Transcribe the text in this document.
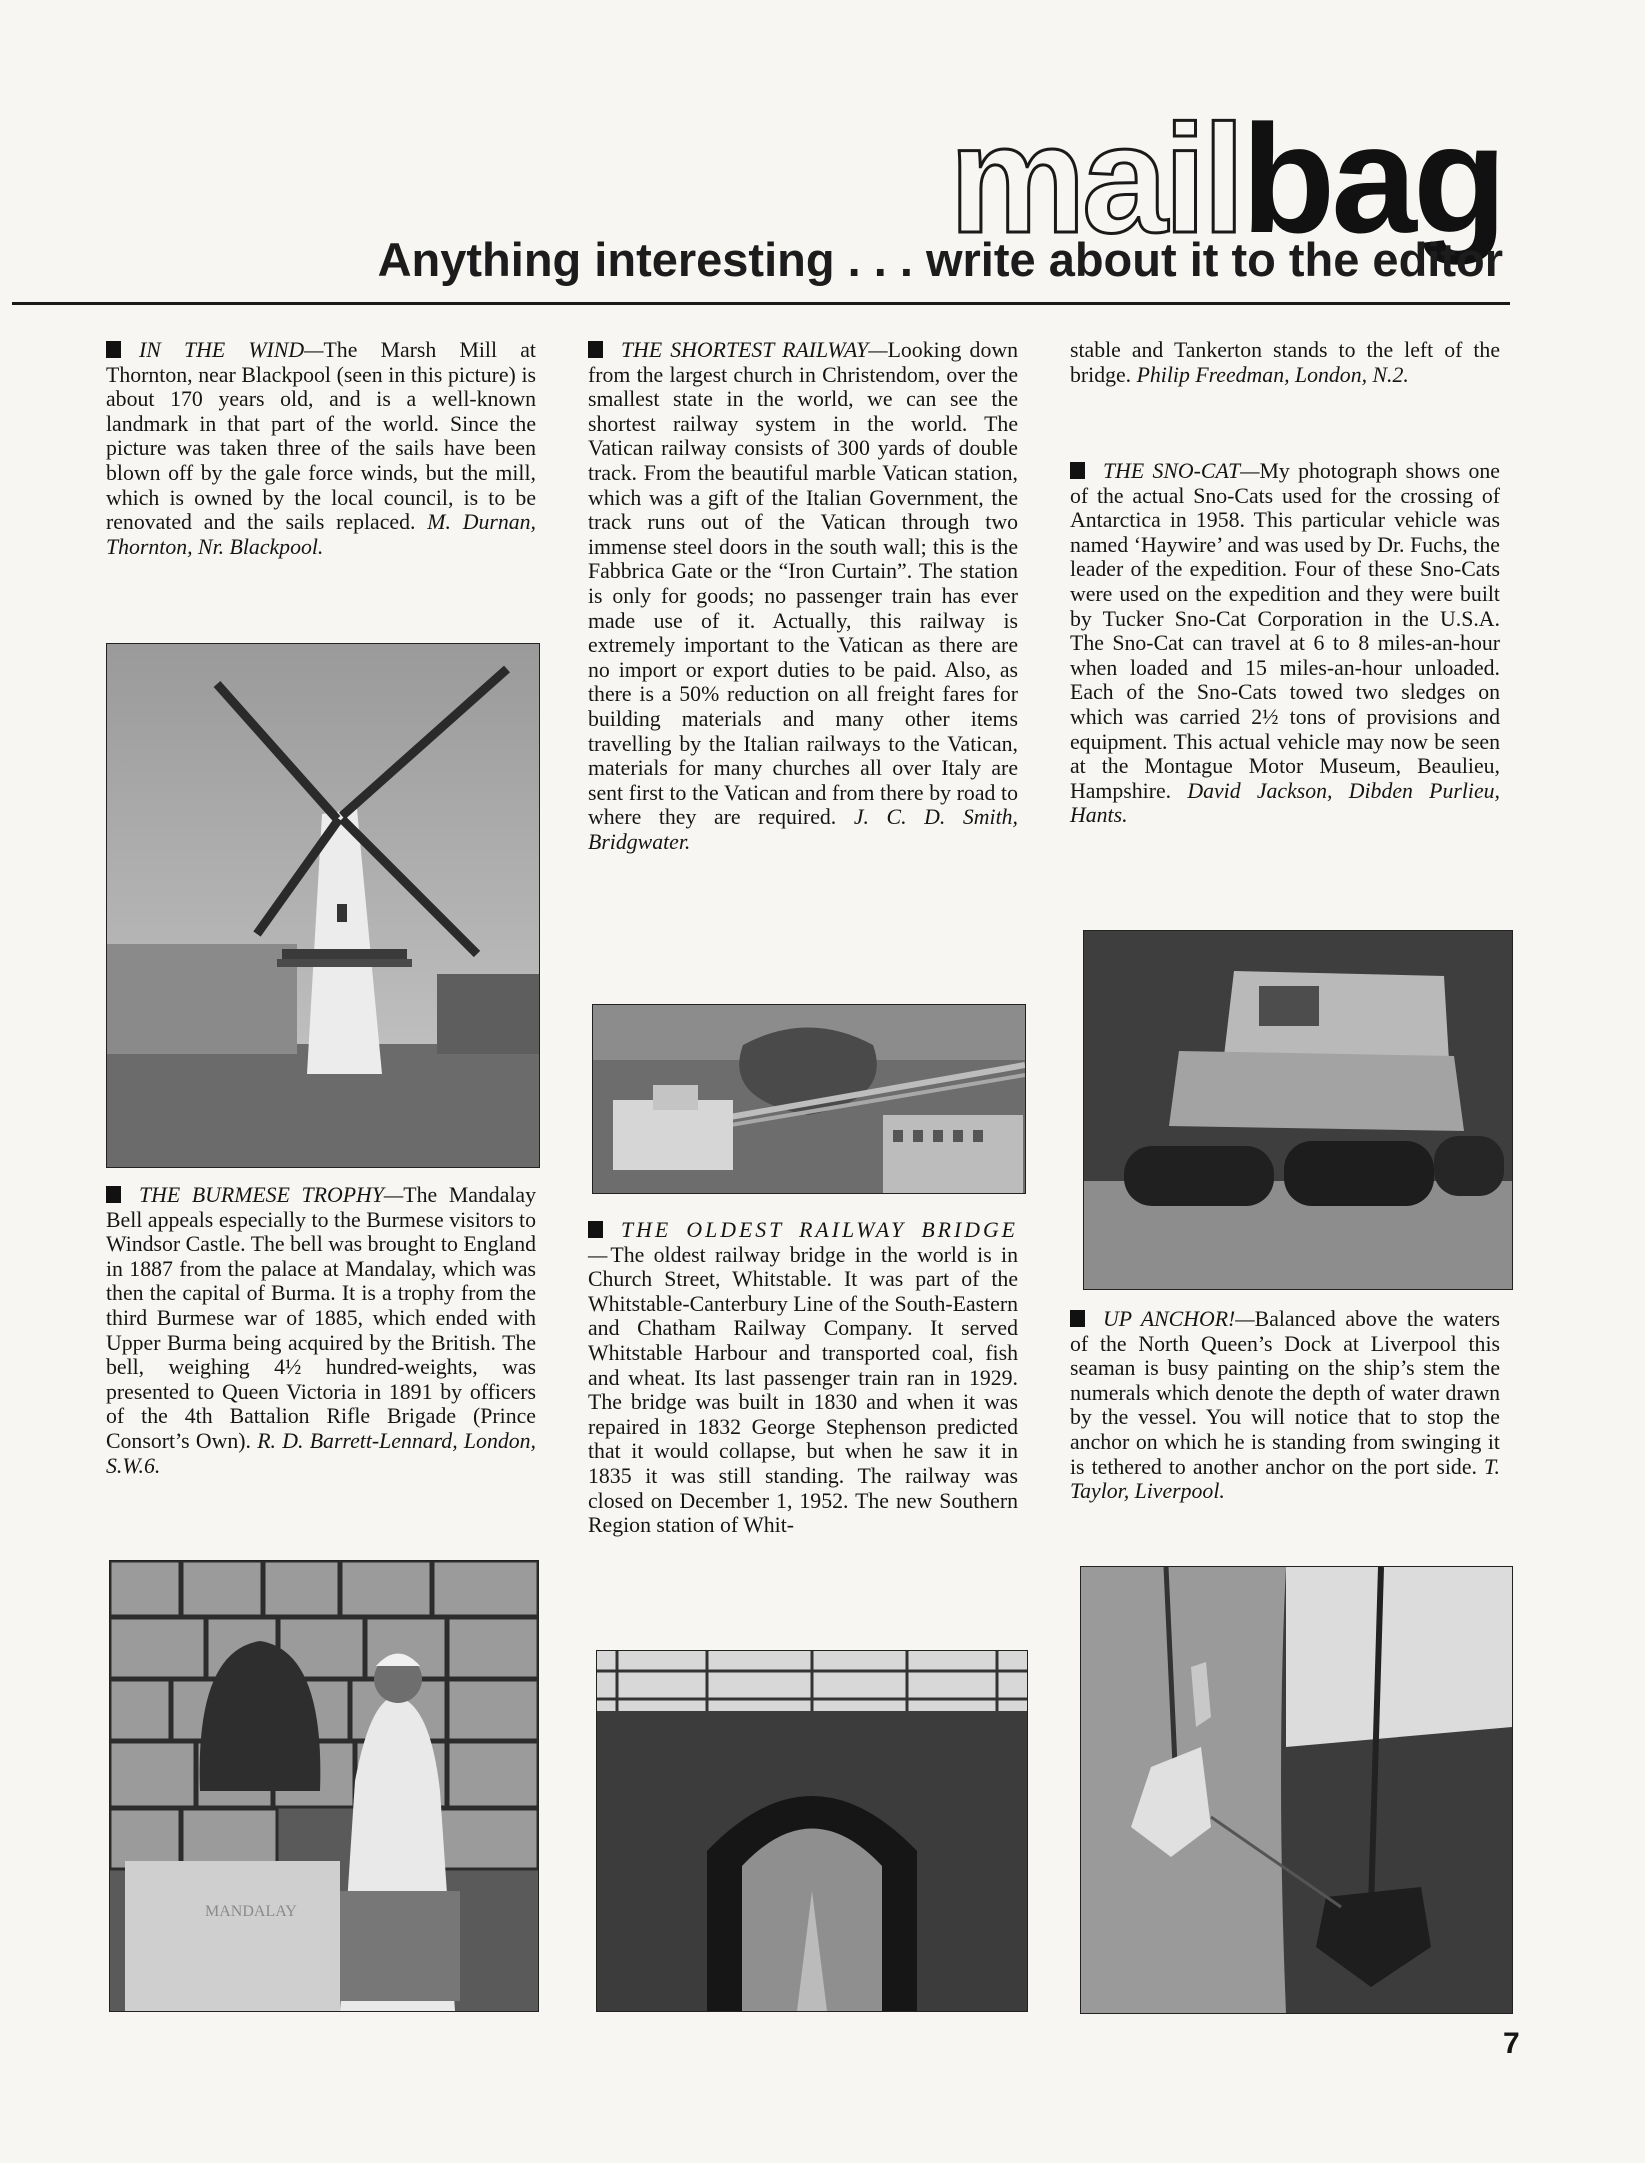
mailbag
Anything interesting . . . write about it to the editor

IN THE WIND—The Marsh Mill at Thornton, near Blackpool (seen in this picture) is about 170 years old, and is a well-known landmark in that part of the world. Since the picture was taken three of the sails have been blown off by the gale force winds, but the mill, which is owned by the local council, is to be renovated and the sails replaced. M. Durnan, Thornton, Nr. Blackpool.

THE BURMESE TROPHY—The Mandalay Bell appeals especially to the Burmese visitors to Windsor Castle. The bell was brought to England in 1887 from the palace at Mandalay, which was then the capital of Burma. It is a trophy from the third Burmese war of 1885, which ended with Upper Burma being acquired by the British. The bell, weighing 4½ hundred-weights, was presented to Queen Victoria in 1891 by officers of the 4th Battalion Rifle Brigade (Prince Consort’s Own). R. D. Barrett-Lennard, London, S.W.6.

MANDALAY

THE SHORTEST RAILWAY—Looking down from the largest church in Christendom, over the smallest state in the world, we can see the shortest railway system in the world. The Vatican railway consists of 300 yards of double track. From the beautiful marble Vatican station, which was a gift of the Italian Government, the track runs out of the Vatican through two immense steel doors in the south wall; this is the Fabbrica Gate or the “Iron Curtain”. The station is only for goods; no passenger train has ever made use of it. Actually, this railway is extremely important to the Vatican as there are no import or export duties to be paid. Also, as there is a 50% reduction on all freight fares for building materials and many other items travelling by the Italian railways to the Vatican, materials for many churches all over Italy are sent first to the Vatican and from there by road to where they are required. J. C. D. Smith, Bridgwater.

THE OLDEST RAILWAY BRIDGE—The oldest railway bridge in the world is in Church Street, Whitstable. It was part of the Whitstable-Canterbury Line of the South-Eastern and Chatham Railway Company. It served Whitstable Harbour and transported coal, fish and wheat. Its last passenger train ran in 1929. The bridge was built in 1830 and when it was repaired in 1832 George Stephenson predicted that it would collapse, but when he saw it in 1835 it was still standing. The railway was closed on December 1, 1952. The new Southern Region station of Whit-

stable and Tankerton stands to the left of the bridge. Philip Freedman, London, N.2.

THE SNO-CAT—My photograph shows one of the actual Sno-Cats used for the crossing of Antarctica in 1958. This particular vehicle was named ‘Haywire’ and was used by Dr. Fuchs, the leader of the expedition. Four of these Sno-Cats were used on the expedition and they were built by Tucker Sno-Cat Corporation in the U.S.A. The Sno-Cat can travel at 6 to 8 miles-an-hour when loaded and 15 miles-an-hour unloaded. Each of the Sno-Cats towed two sledges on which was carried 2½ tons of provisions and equipment. This actual vehicle may now be seen at the Montague Motor Museum, Beaulieu, Hampshire. David Jackson, Dibden Purlieu, Hants.

UP ANCHOR!—Balanced above the waters of the North Queen’s Dock at Liverpool this seaman is busy painting on the ship’s stem the numerals which denote the depth of water drawn by the vessel. You will notice that to stop the anchor on which he is standing from swinging it is tethered to another anchor on the port side. T. Taylor, Liverpool.

7
